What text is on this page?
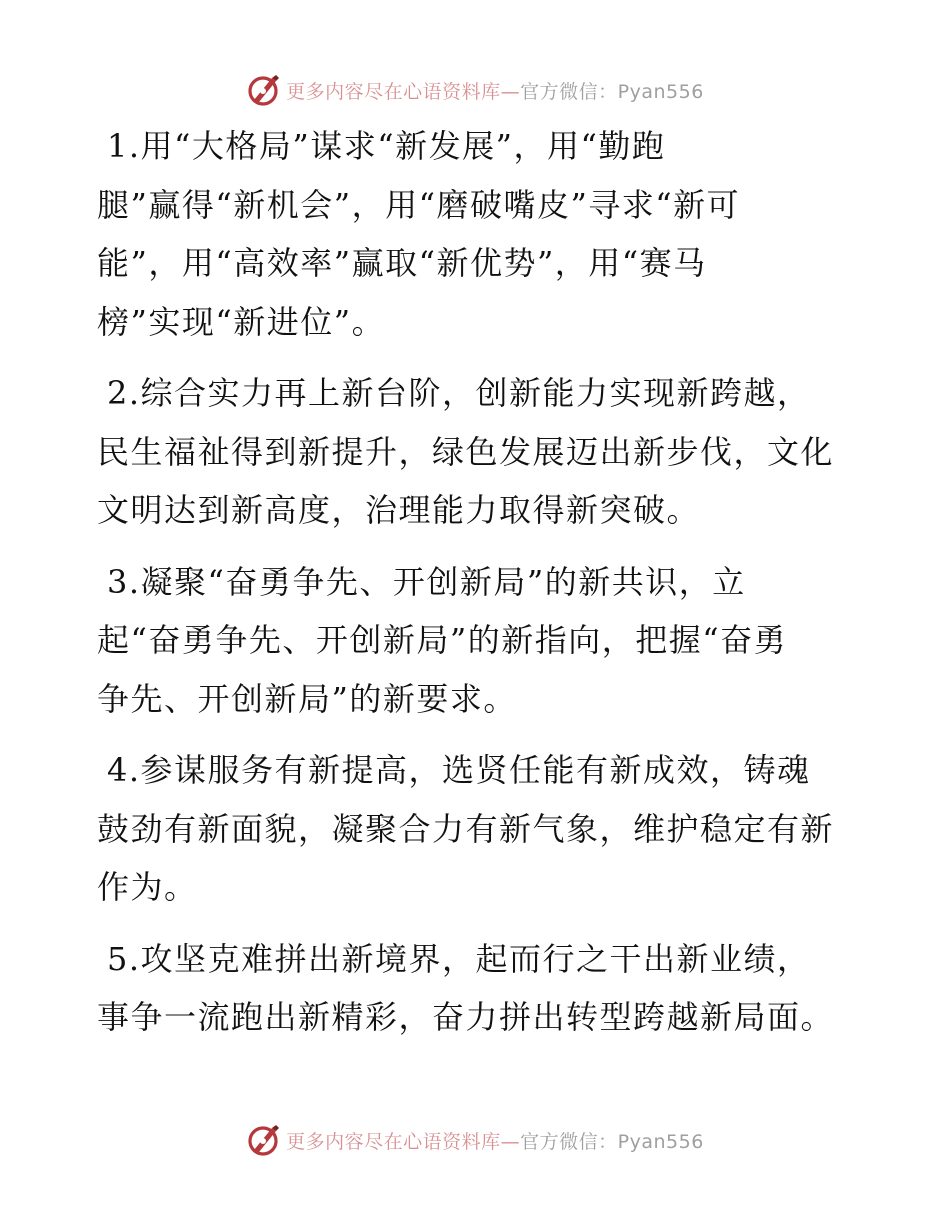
更多内容尽在心语资料库—官方微信：Pyan556
1.用“大格局”谋求“新发展”，用“勤跑
腿”赢得“新机会”，用“磨破嘴皮”寻求“新可
能”，用“高效率”赢取“新优势”，用“赛马
榜”实现“新进位”。
2.综合实力再上新台阶，创新能力实现新跨越，
民生福祉得到新提升，绿色发展迈出新步伐，文化
文明达到新高度，治理能力取得新突破。
3.凝聚“奋勇争先、开创新局”的新共识，立
起“奋勇争先、开创新局”的新指向，把握“奋勇
争先、开创新局”的新要求。
4.参谋服务有新提高，选贤任能有新成效，铸魂
鼓劲有新面貌，凝聚合力有新气象，维护稳定有新
作为。
5.攻坚克难拼出新境界，起而行之干出新业绩，
事争一流跑出新精彩，奋力拼出转型跨越新局面。
更多内容尽在心语资料库—官方微信：Pyan556
